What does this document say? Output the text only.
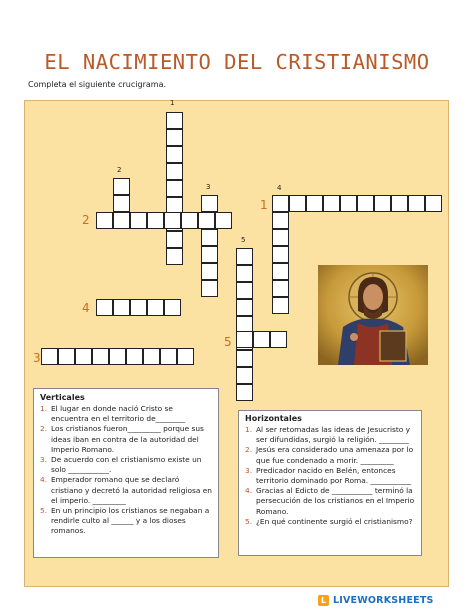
EL NACIMIENTO DEL CRISTIANISMO
Completa el siguiente crucigrama.
1
2
3	4
5
1
2
3
4
5
Verticales
1. El lugar en donde nació Cristo se encuentra en el territorio de________
2. Los cristianos fueron_________ porque sus ideas iban en contra de la autoridad del Imperio Romano.
3. De acuerdo con el cristianismo existe un solo ___________.
4. Emperador romano que se declaró cristiano y decretó la autoridad religiosa en el imperio. _________
5. En un principio los cristianos se negaban a rendirle culto al ______ y a los dioses romanos.
Horizontales
1. Al ser retomadas las ideas de Jesucristo y ser difundidas, surgió la religión. ________
2. Jesús era considerado una amenaza por lo que fue condenado a morir. _________
3. Predicador nacido en Belén, entonces territorio dominado por Roma. ___________
4. Gracias al Edicto de ___________ terminó la persecución de los cristianos en el Imperio Romano.
5. ¿En qué continente surgió el cristianismo?
L LIVEWORKSHEETS
